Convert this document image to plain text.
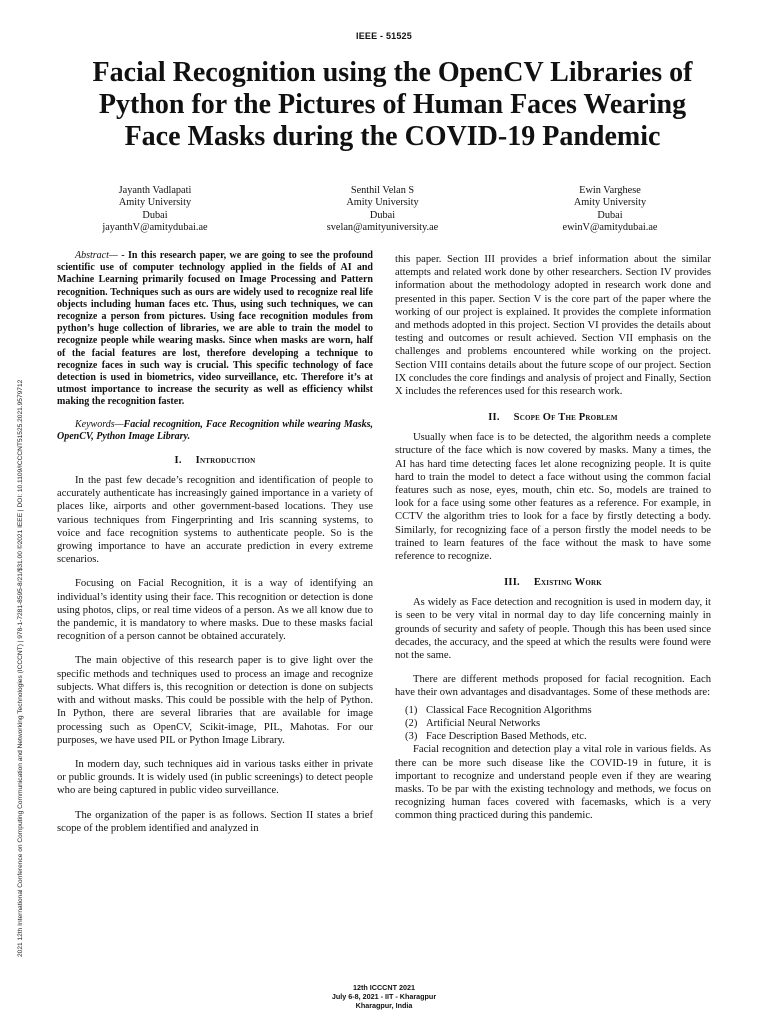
IEEE - 51525
2021 12th International Conference on Computing Communication and Networking Technologies (ICCCNT) | 978-1-7281-8595-8/21/$31.00 ©2021 IEEE | DOI: 10.1109/ICCCNT51525.2021.9579712
Facial Recognition using the OpenCV Libraries of
Python for the Pictures of Human Faces Wearing
Face Masks during the COVID-19 Pandemic
Jayanth Vadlapati
Amity University
Dubai
jayanthV@amitydubai.ae
Senthil Velan S
Amity University
Dubai
svelan@amityuniversity.ae
Ewin Varghese
Amity University
Dubai
ewinV@amitydubai.ae

Abstract— - In this research paper, we are going to see the profound scientific use of computer technology applied in the fields of AI and Machine Learning primarily focused on Image Processing and Pattern recognition. Techniques such as ours are widely used to recognize real life objects including human faces etc. Thus, using such techniques, we can recognize a person from pictures. Using face recognition modules from python’s huge collection of libraries, we are able to train the model to recognize people while wearing masks. Since when masks are worn, half of the facial features are lost, therefore developing a technique to recognize faces in such way is crucial. This specific technology of face detection is used in biometrics, video surveillance, etc. Therefore it’s at utmost importance to increase the security as well as efficiency whilst making the recognition faster.

Keywords—Facial recognition, Face Recognition while wearing Masks, OpenCV, Python Image Library.

I. Introduction

In the past few decade’s recognition and identification of people to accurately authenticate has increasingly gained importance in a variety of places like, airports and other government-based locations. They use various techniques from Fingerprinting and Iris scanning systems, to voice and face recognition systems to authenticate people. So is the growing importance to have an accurate prediction in every extreme scenarios.

Focusing on Facial Recognition, it is a way of identifying an individual’s identity using their face. This recognition or detection is done using photos, clips, or real time videos of a person. As we all know due to the pandemic, it is mandatory to where masks. Due to these masks facial recognition of a person cannot be obtained accurately.

The main objective of this research paper is to give light over the specific methods and techniques used to process an image and recognize subjects. What differs is, this recognition or detection is done on subjects with and without masks. This could be possible with the help of Python. In Python, there are several libraries that are available for image processing such as OpenCV, Scikit-image, PIL, Mahotas. For our purposes, we have used PIL or Python Image Library.

In modern day, such techniques aid in various tasks either in private or public grounds. It is widely used (in public screenings) to detect people who are being captured in public video surveillance.

The organization of the paper is as follows. Section II states a brief scope of the problem identified and analyzed in

this paper. Section III provides a brief information about the similar attempts and related work done by other researchers. Section IV provides information about the methodology adopted in research work done and presented in this paper. Section V is the core part of the paper where the working of our project is explained. It provides the complete information and methods adopted in this project. Section VI provides the details about testing and outcomes or result achieved. Section VII emphasis on the challenges and problems encountered while working on the project. Section VIII contains details about the future scope of our project. Section IX concludes the core findings and analysis of project and Finally, Section X includes the references used for this research work.

II. Scope Of The Problem

Usually when face is to be detected, the algorithm needs a complete structure of the face which is now covered by masks. Many a times, the AI has hard time detecting faces let alone recognizing people. It is quite hard to train the model to detect a face without using the common facial features such as nose, eyes, mouth, chin etc. So, models are trained to look for a face using some other features as a reference. For example, in CCTV the algorithm tries to look for a face by firstly detecting a body. Similarly, for recognizing face of a person firstly the model needs to be trained to learn features of the face without the mask to have some reference to recognize.

III. Existing Work

As widely as Face detection and recognition is used in modern day, it is seen to be very vital in normal day to day life concerning mainly in grounds of security and safety of people. Though this has been used since decades, the accuracy, and the speed at which the results were found were not the same.

There are different methods proposed for facial recognition. Each have their own advantages and disadvantages. Some of these methods are:

(1) Classical Face Recognition Algorithms
(2) Artificial Neural Networks
(3) Face Description Based Methods, etc.

Facial recognition and detection play a vital role in various fields. As there can be more such disease like the COVID-19 in future, it is important to recognize and understand people even if they are wearing masks. To be par with the existing technology and methods, we focus on recognizing human faces covered with facemasks, which is a very common thing practiced during this pandemic.

12th ICCCNT 2021
July 6-8, 2021 - IIT - Kharagpur
Kharagpur, India
